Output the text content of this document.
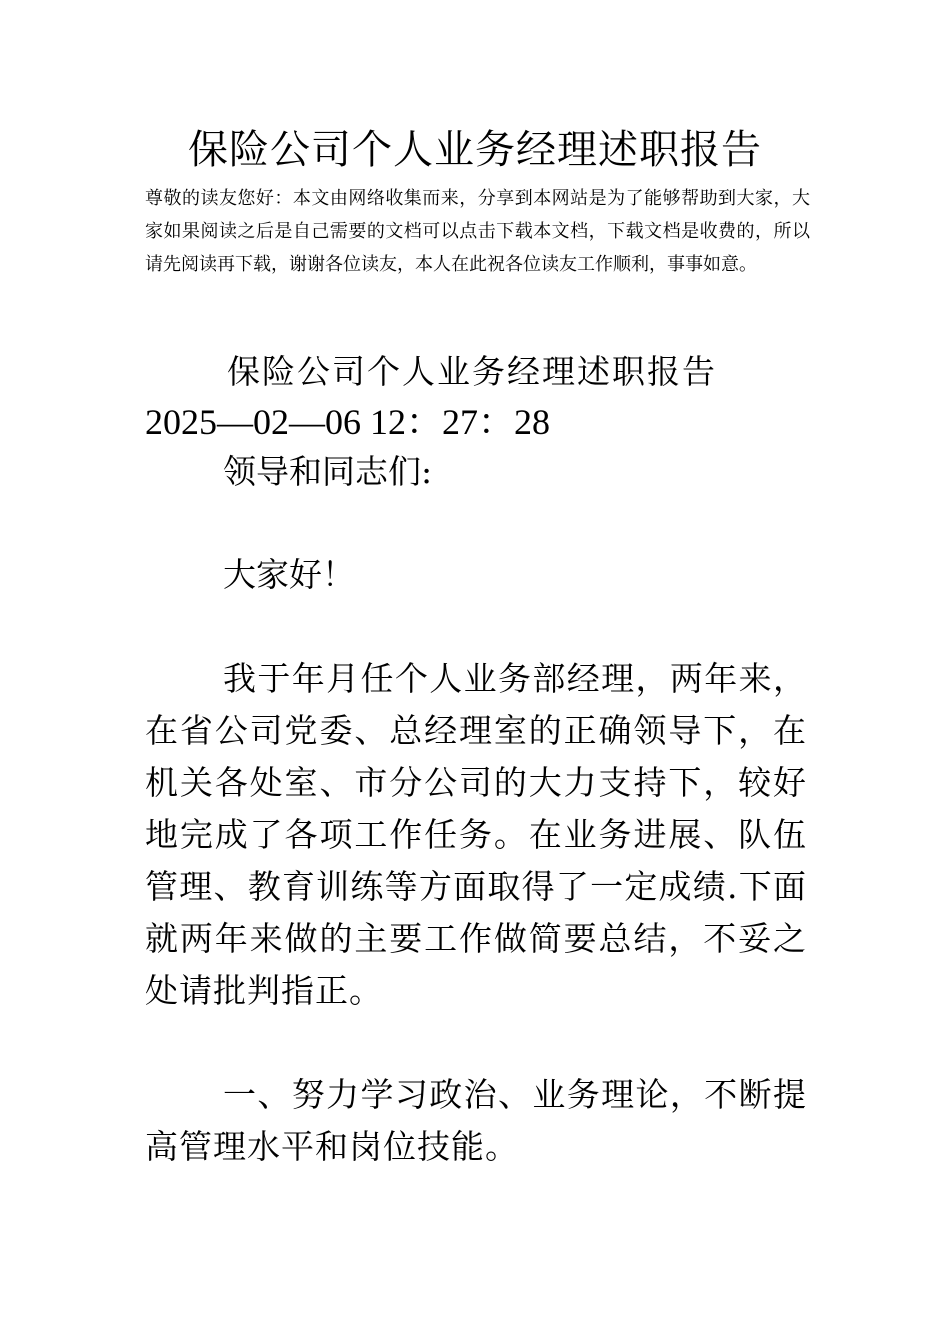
保险公司个人业务经理述职报告

尊敬的读友您好：本文由网络收集而来，分享到本网站是为了能够帮助到大家，大家如果阅读之后是自己需要的文档可以点击下载本文档，下载文档是收费的，所以请先阅读再下载，谢谢各位读友，本人在此祝各位读友工作顺利，事事如意。

保险公司个人业务经理述职报告

2025—02—06 12：27：28

领导和同志们:

大家好！

我于年月任个人业务部经理，两年来，在省公司党委、总经理室的正确领导下，在机关各处室、市分公司的大力支持下，较好地完成了各项工作任务。在业务进展、队伍管理、教育训练等方面取得了一定成绩.下面就两年来做的主要工作做简要总结，不妥之处请批判指正。

一、努力学习政治、业务理论，不断提高管理水平和岗位技能。
